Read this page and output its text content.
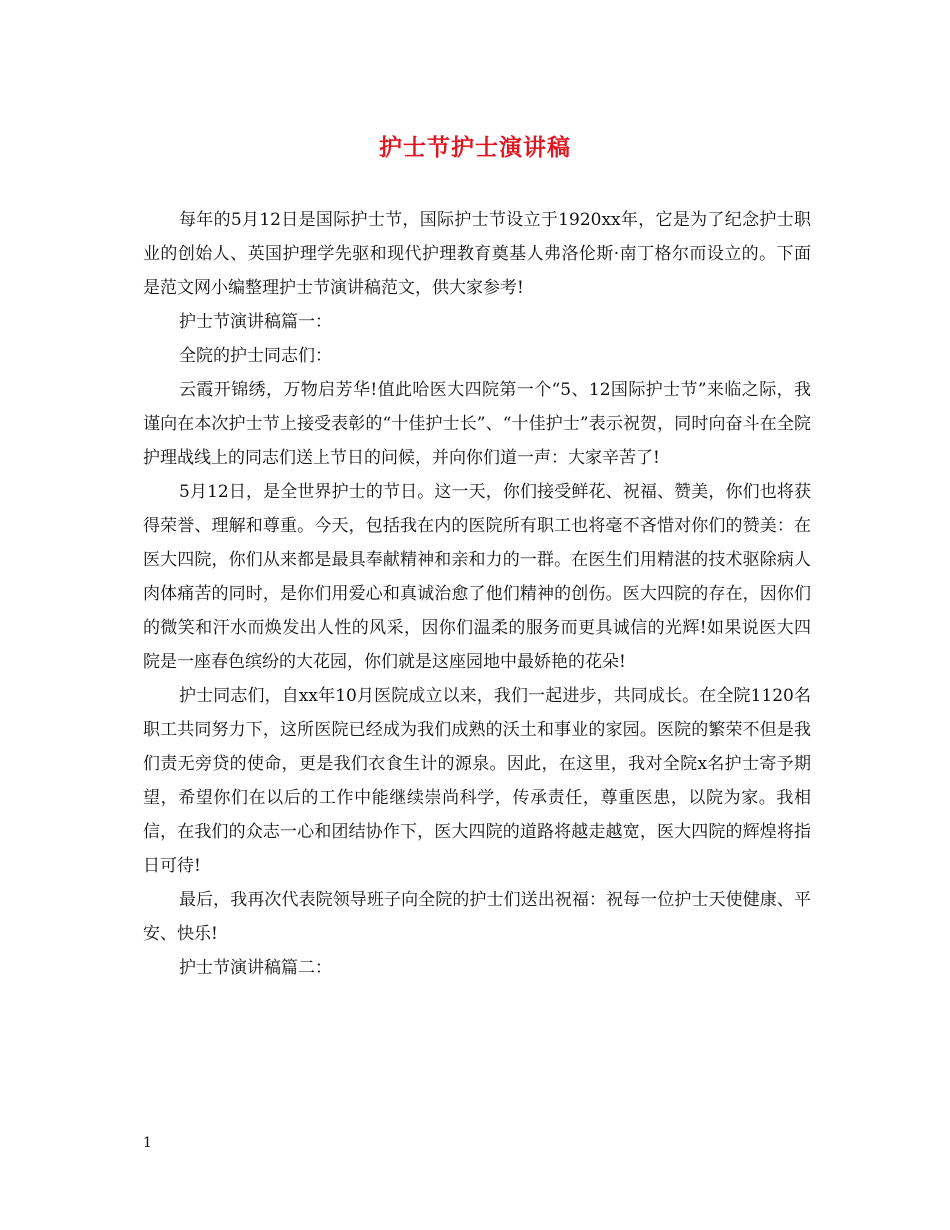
护士节护士演讲稿

每年的5月12日是国际护士节，国际护士节设立于1920xx年，它是为了纪念护士职业的创始人、英国护理学先驱和现代护理教育奠基人弗洛伦斯·南丁格尔而设立的。下面是范文网小编整理护士节演讲稿范文，供大家参考!

护士节演讲稿篇一：

全院的护士同志们：

云霞开锦绣，万物启芳华!值此哈医大四院第一个“5、12国际护士节”来临之际，我谨向在本次护士节上接受表彰的“十佳护士长”、“十佳护士”表示祝贺，同时向奋斗在全院护理战线上的同志们送上节日的问候，并向你们道一声：大家辛苦了!

5月12日，是全世界护士的节日。这一天，你们接受鲜花、祝福、赞美，你们也将获得荣誉、理解和尊重。今天，包括我在内的医院所有职工也将毫不吝惜对你们的赞美：在医大四院，你们从来都是最具奉献精神和亲和力的一群。在医生们用精湛的技术驱除病人肉体痛苦的同时，是你们用爱心和真诚治愈了他们精神的创伤。医大四院的存在，因你们的微笑和汗水而焕发出人性的风采，因你们温柔的服务而更具诚信的光辉!如果说医大四院是一座春色缤纷的大花园，你们就是这座园地中最娇艳的花朵!

护士同志们，自xx年10月医院成立以来，我们一起进步，共同成长。在全院1120名职工共同努力下，这所医院已经成为我们成熟的沃土和事业的家园。医院的繁荣不但是我们责无旁贷的使命，更是我们衣食生计的源泉。因此，在这里，我对全院x名护士寄予期望，希望你们在以后的工作中能继续崇尚科学，传承责任，尊重医患，以院为家。我相信，在我们的众志一心和团结协作下，医大四院的道路将越走越宽，医大四院的辉煌将指日可待!

最后，我再次代表院领导班子向全院的护士们送出祝福：祝每一位护士天使健康、平安、快乐!

护士节演讲稿篇二：

1
